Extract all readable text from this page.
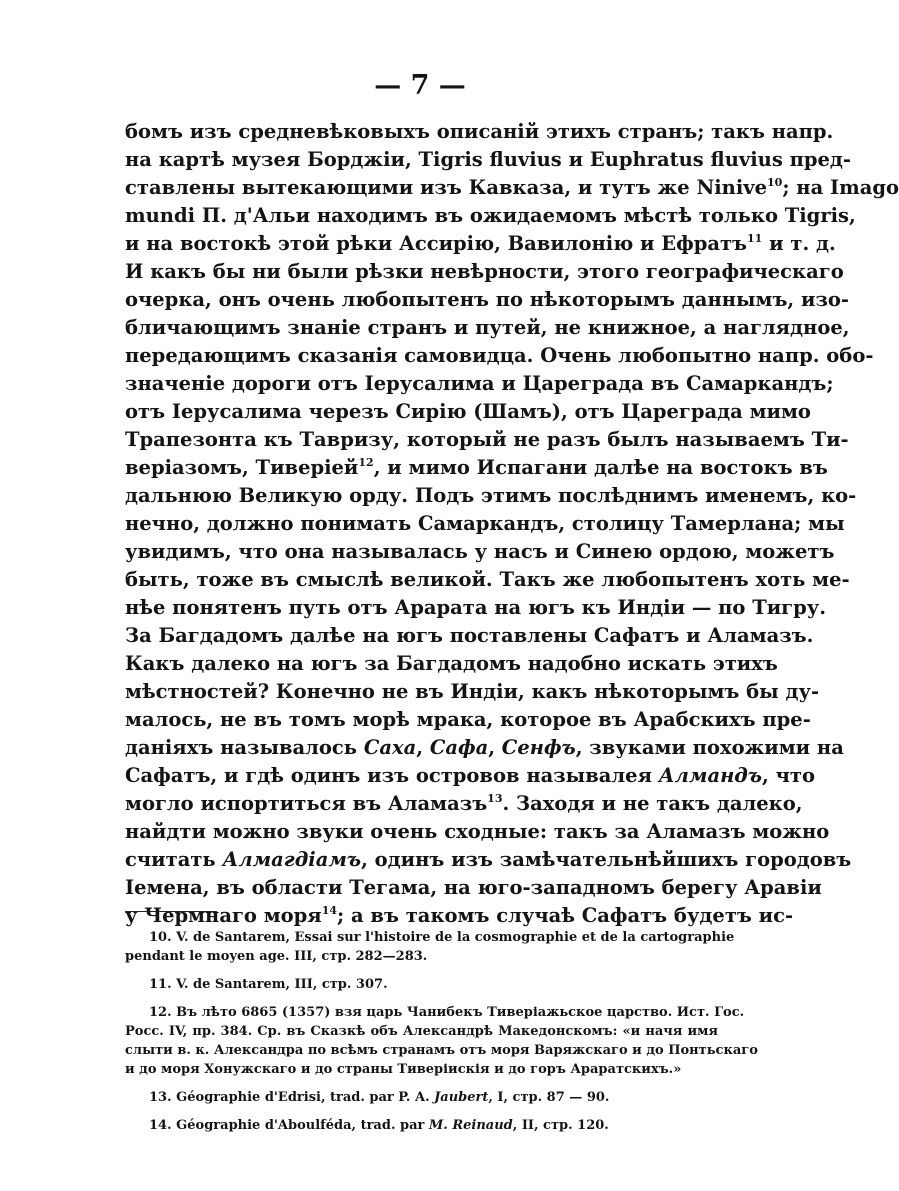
— 7 —
бомъ изъ средневѣковыхъ описаній этихъ странъ; такъ напр.
на картѣ музея Борджіи, Tigris fluvius и Euphratus fluvius пред-
ставлены вытекающими изъ Кавказа, и тутъ же Ninive$^{10}$; на Imago
mundi П. д'Альи находимъ въ ожидаемомъ мѣстѣ только Tigris,
и на востокѣ этой рѣки Ассирію, Вавилонію и Ефратъ$^{11}$ и т. д.
И какъ бы ни были рѣзки невѣрности, этого географическаго
очерка, онъ очень любопытенъ по нѣкоторымъ даннымъ, изо-
бличающимъ знаніе странъ и путей, не книжное, а наглядное,
передающимъ сказанія самовидца. Очень любопытно напр. обо-
значеніе дороги отъ Іерусалима и Цареграда въ Самаркандъ;
отъ Іерусалима черезъ Сирію (Шамъ), отъ Цареграда мимо
Трапезонта къ Тавризу, который не разъ былъ называемъ Ти-
веріазомъ, Тиверіей$^{12}$, и мимо Испагани далѣе на востокъ въ
дальнюю Великую орду. Подъ этимъ послѣднимъ именемъ, ко-
нечно, должно понимать Самаркандъ, столицу Тамерлана; мы
увидимъ, что она называлась у насъ и Синею ордою, можетъ
быть, тоже въ смыслѣ великой. Такъ же любопытенъ хоть ме-
нѣе понятенъ путь отъ Арарата на югъ къ Индіи — по Тигру.
За Багдадомъ далѣе на югъ поставлены Сафатъ и Аламазъ.
Какъ далеко на югъ за Багдадомъ надобно искать этихъ
мѣстностей? Конечно не въ Индіи, какъ нѣкоторымъ бы ду-
малось, не въ томъ морѣ мрака, которое въ Арабскихъ пре-
даніяхъ называлось Саха, Сафа, Сенфъ, звуками похожими на
Сафатъ, и гдѣ одинъ изъ островов называлея Алмандъ, что
могло испортиться въ Аламазъ$^{13}$. Заходя и не такъ далеко,
найдти можно звуки очень сходные: такъ за Аламазъ можно
считать Алмагдіамъ, одинъ изъ замѣчательнѣйшихъ городовъ
Іемена, въ области Тегама, на юго-западномъ берегу Аравіи
у Чермнаго моря$^{14}$; а въ такомъ случаѣ Сафатъ будетъ ис-
10. V. de Santarem, Essai sur l'histoire de la cosmographie et de la cartographie
pendant le moyen age. III, стр. 282—283.
11. V. de Santarem, III, стр. 307.
12. Въ лѣто 6865 (1357) взя царь Чанибекъ Тиверіажьское царство. Ист. Гос.
Росс. IV, пр. 384. Ср. въ Сказкѣ объ Александрѣ Македонскомъ: «и начя имя
слыти в. к. Александра по всѣмъ странамъ отъ моря Варяжскаго и до Понтьскаго
и до моря Хонужскаго и до страны Тиверіискія и до горъ Араратскихъ.»
13. Géographie d'Edrisi, trad. par P. A. Jaubert, I, стр. 87 — 90.
14. Géographie d'Aboulféda, trad. par M. Reinaud, II, стр. 120.
